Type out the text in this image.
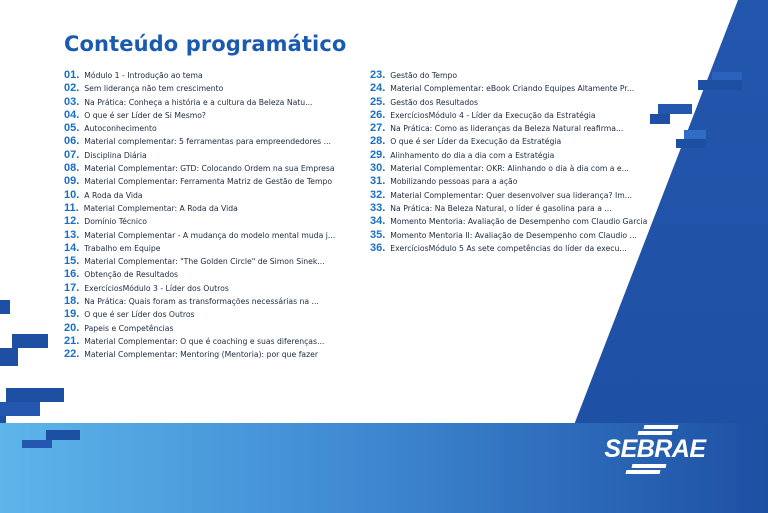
Conteúdo programático
01. Módulo 1 - Introdução ao tema
02. Sem liderança não tem crescimento
03. Na Prática: Conheça a história e a cultura da Beleza Natu...
04. O que é ser Líder de Si Mesmo?
05. Autoconhecimento
06. Material complementar: 5 ferramentas para empreendedores ...
07. Disciplina Diária
08. Material Complementar: GTD: Colocando Ordem na sua Empresa
09. Material Complementar: Ferramenta Matriz de Gestão de Tempo
10. A Roda da Vida
11. Material Complementar: A Roda da Vida
12. Domínio Técnico
13. Material Complementar - A mudança do modelo mental muda j...
14. Trabalho em Equipe
15. Material Complementar: "The Golden Circle" de Simon Sinek...
16. Obtenção de Resultados
17. ExercíciosMódulo 3 - Líder dos Outros
18. Na Prática: Quais foram as transformações necessárias na ...
19. O que é ser Líder dos Outros
20. Papeis e Competências
21. Material Complementar: O que é coaching e suas diferenças...
22. Material Complementar: Mentoring (Mentoria): por que fazer
23. Gestão do Tempo
24. Material Complementar: eBook Criando Equipes Altamente Pr...
25. Gestão dos Resultados
26. ExercíciosMódulo 4 - Líder da Execução da Estratégia
27. Na Prática: Como as lideranças da Beleza Natural reafirma...
28. O que é ser Líder da Execução da Estratégia
29. Alinhamento do dia a dia com a Estratégia
30. Material Complementar: OKR: Alinhando o dia à dia com a e...
31. Mobilizando pessoas para a ação
32. Material Complementar: Quer desenvolver sua liderança? Im...
33. Na Prática: Na Beleza Natural, o líder é gasolina para a ...
34. Momento Mentoria: Avaliação de Desempenho com Claudio Garcia
35. Momento Mentoria II: Avaliação de Desempenho com Claudio ...
36. ExercíciosMódulo 5 As sete competências do líder da execu...
SEBRAE
